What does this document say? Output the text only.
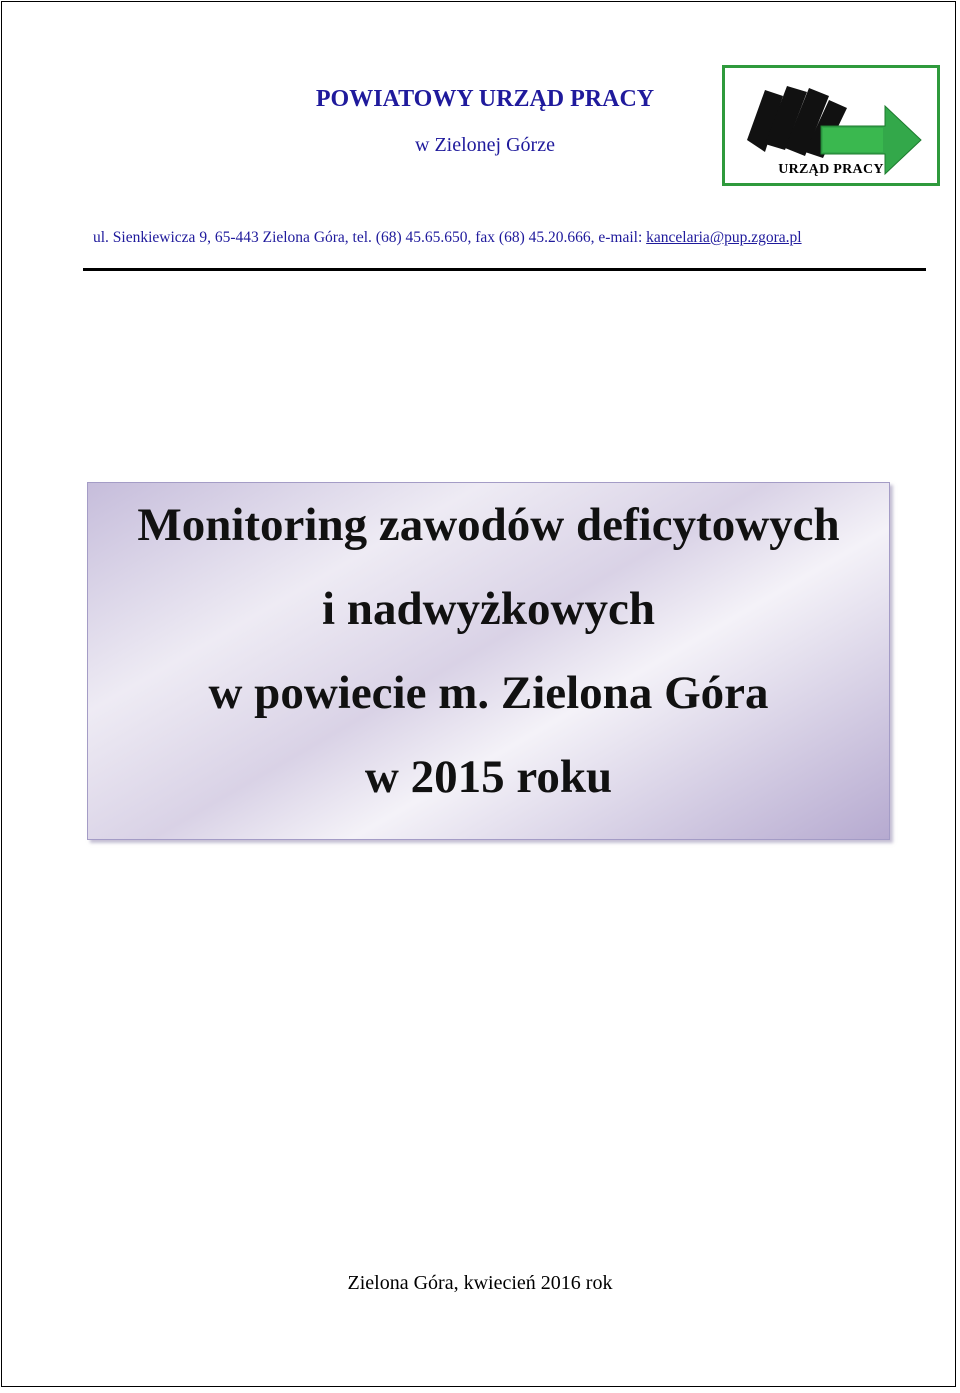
POWIATOWY URZĄD PRACY
w Zielonej Górze
URZĄD PRACY
ul. Sienkiewicza 9, 65-443 Zielona Góra, tel. (68) 45.65.650, fax (68) 45.20.666, e-mail: kancelaria@pup.zgora.pl
Monitoring zawodów deficytowych
i nadwyżkowych
w powiecie m. Zielona Góra
w 2015 roku
Zielona Góra, kwiecień 2016 rok
